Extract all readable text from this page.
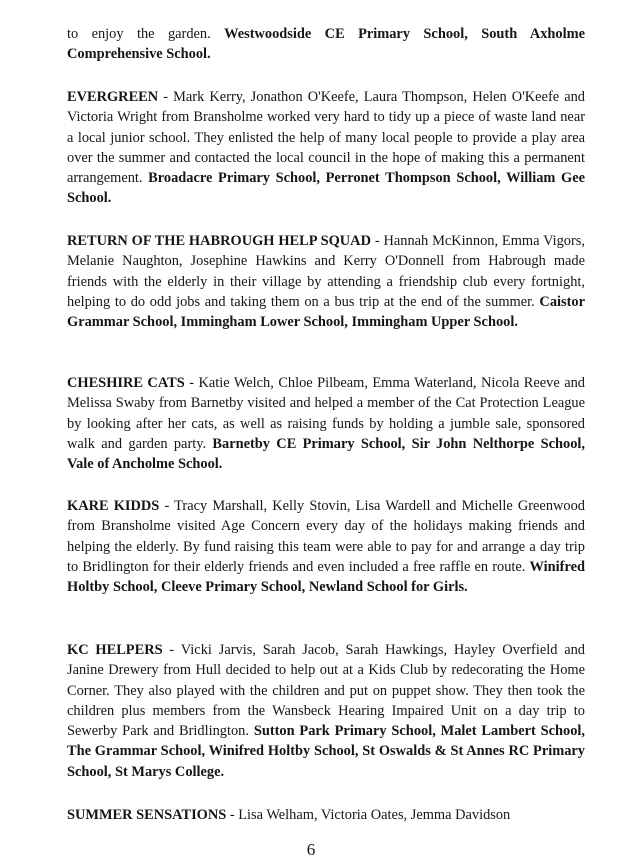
to enjoy the garden. Westwoodside CE Primary School, South Axholme Comprehensive School.

EVERGREEN - Mark Kerry, Jonathon O'Keefe, Laura Thompson, Helen O'Keefe and Victoria Wright from Bransholme worked very hard to tidy up a piece of waste land near a local junior school. They enlisted the help of many local people to provide a play area over the summer and contacted the local council in the hope of making this a permanent arrangement. Broadacre Primary School, Perronet Thompson School, William Gee School.

RETURN OF THE HABROUGH HELP SQUAD - Hannah McKinnon, Emma Vigors, Melanie Naughton, Josephine Hawkins and Kerry O'Donnell from Habrough made friends with the elderly in their village by attending a friendship club every fortnight, helping to do odd jobs and taking them on a bus trip at the end of the summer. Caistor Grammar School, Immingham Lower School, Immingham Upper School.

CHESHIRE CATS - Katie Welch, Chloe Pilbeam, Emma Waterland, Nicola Reeve and Melissa Swaby from Barnetby visited and helped a member of the Cat Protection League by looking after her cats, as well as raising funds by holding a jumble sale, sponsored walk and garden party. Barnetby CE Primary School, Sir John Nelthorpe School, Vale of Ancholme School.

KARE KIDDS - Tracy Marshall, Kelly Stovin, Lisa Wardell and Michelle Greenwood from Bransholme visited Age Concern every day of the holidays making friends and helping the elderly. By fund raising this team were able to pay for and arrange a day trip to Bridlington for their elderly friends and even included a free raffle en route. Winifred Holtby School, Cleeve Primary School, Newland School for Girls.

KC HELPERS - Vicki Jarvis, Sarah Jacob, Sarah Hawkings, Hayley Overfield and Janine Drewery from Hull decided to help out at a Kids Club by redecorating the Home Corner. They also played with the children and put on puppet show. They then took the children plus members from the Wansbeck Hearing Impaired Unit on a day trip to Sewerby Park and Bridlington. Sutton Park Primary School, Malet Lambert School, The Grammar School, Winifred Holtby School, St Oswalds & St Annes RC Primary School, St Marys College.

SUMMER SENSATIONS - Lisa Welham, Victoria Oates, Jemma Davidson

6
